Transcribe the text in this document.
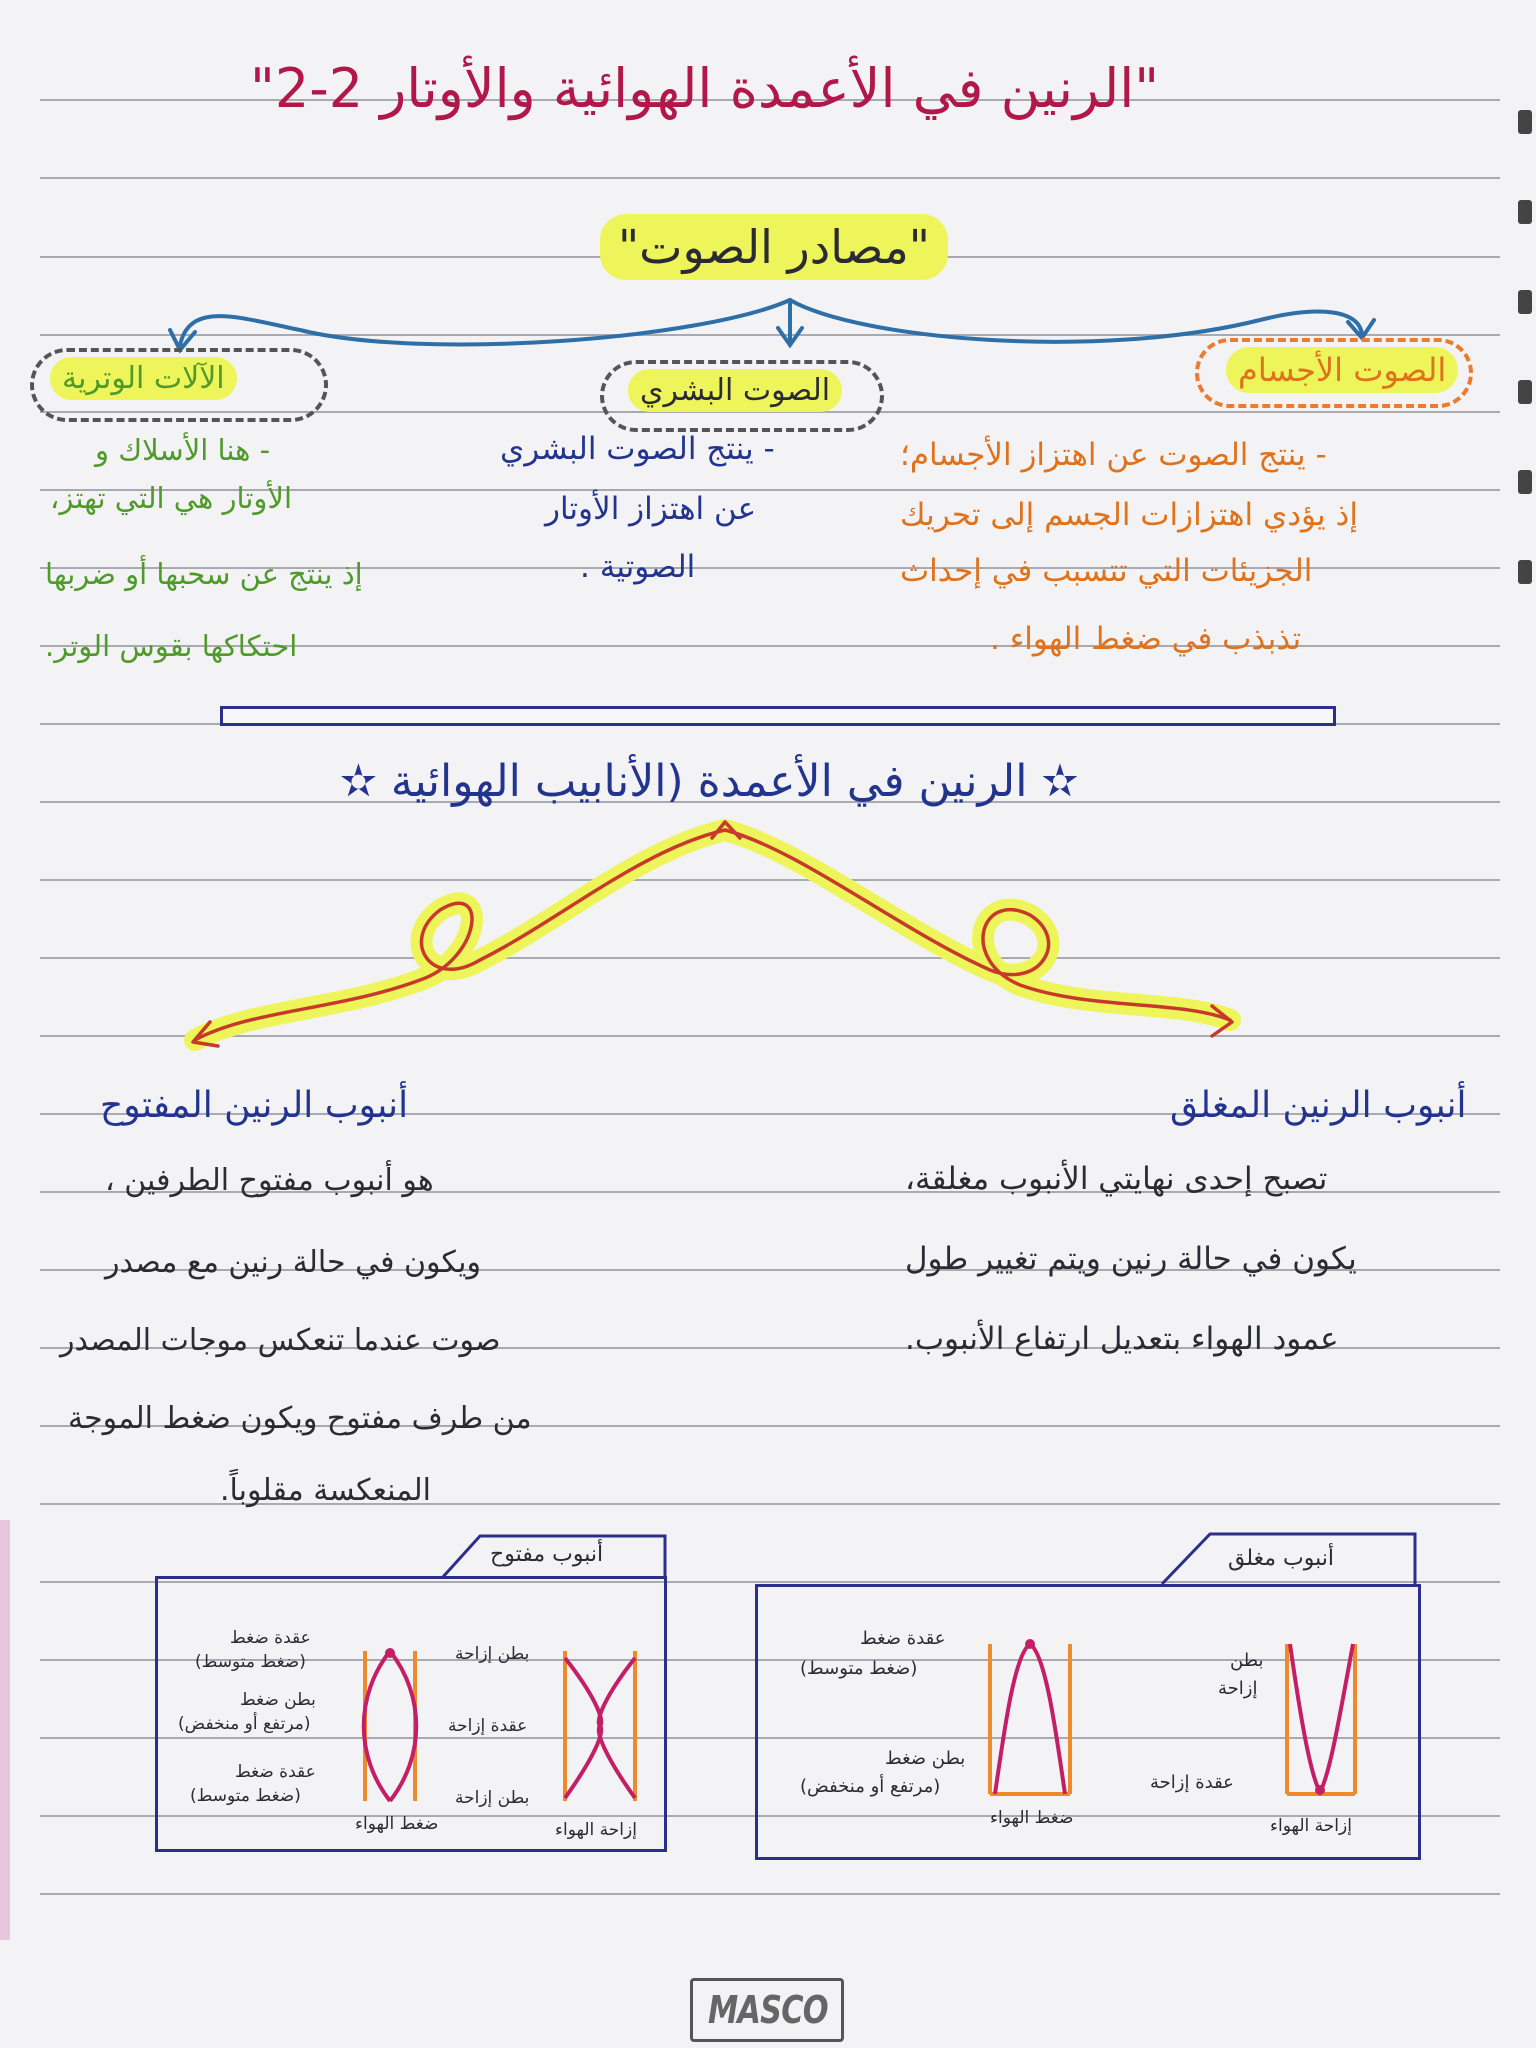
"الرنين في الأعمدة الهوائية والأوتار 2-2"
"مصادر الصوت"
الصوت الأجسام
الصوت البشري
الآلات الوترية
- ينتج الصوت عن اهتزاز الأجسام؛
إذ يؤدي اهتزازات الجسم إلى تحريك
الجزيئات التي تتسبب في إحداث
تذبذب في ضغط الهواء .
- ينتج الصوت البشري
عن اهتزاز الأوتار
الصوتية .
- هنا الأسلاك و
الأوتار هي التي تهتز،
إذ ينتج عن سحبها أو ضربها
احتكاكها بقوس الوتر.
✫ الرنين في الأعمدة (الأنابيب الهوائية ✫
أنبوب الرنين المغلق
تصبح إحدى نهايتي الأنبوب مغلقة،
يكون في حالة رنين ويتم تغيير طول
عمود الهواء بتعديل ارتفاع الأنبوب.
أنبوب الرنين المفتوح
هو أنبوب مفتوح الطرفين ،
ويكون في حالة رنين مع مصدر
صوت عندما تنعكس موجات المصدر
من طرف مفتوح ويكون ضغط الموجة
المنعكسة مقلوباً.
أنبوب مفتوح
عقدة ضغط
(ضغط متوسط)
بطن ضغط
(مرتفع أو منخفض)
عقدة ضغط
(ضغط متوسط)
ضغط الهواء
بطن إزاحة
عقدة إزاحة
بطن إزاحة
إزاحة الهواء
أنبوب مغلق
عقدة ضغط
(ضغط متوسط)
بطن ضغط
(مرتفع أو منخفض)
ضغط الهواء
بطن
إزاحة
عقدة إزاحة
إزاحة الهواء
MASCO
